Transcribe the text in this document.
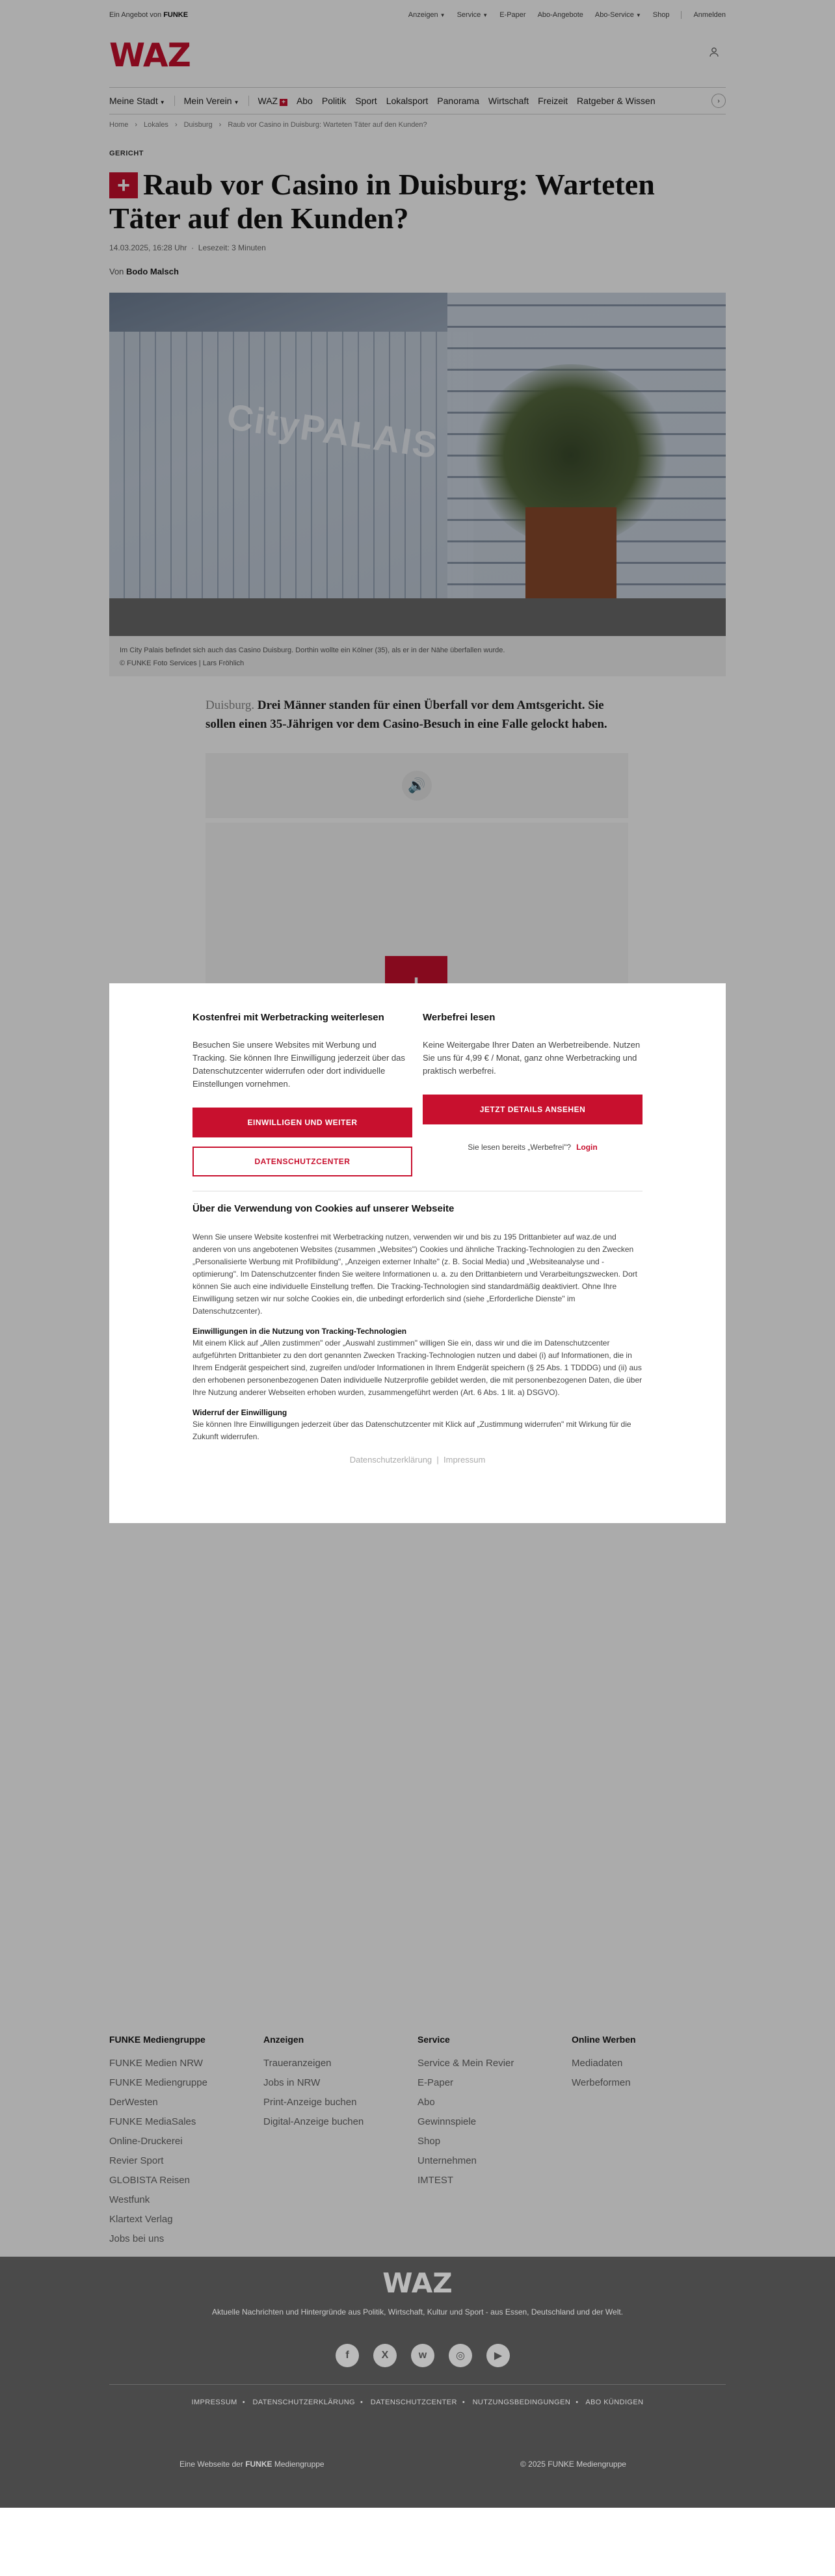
Ein Angebot von FUNKE	Anzeigen ▼ Service ▼ E-Paper Abo-Angebote Abo-Service ▼ Shop	Anmelden
WAZ
Meine Stadt ▼ Mein Verein ▼ WAZ + Abo Politik Sport Lokalsport Panorama Wirtschaft Freizeit Ratgeber & Wissen	›
Home › Lokales › Duisburg › Raub vor Casino in Duisburg: Warteten Täter auf den Kunden?
GERICHT
+ Raub vor Casino in Duisburg: Warteten Täter auf den Kunden?
14.03.2025, 16:28 Uhr  ·  Lesezeit: 3 Minuten
Von Bodo Malsch
CityPALAIS
Im City Palais befindet sich auch das Casino Duisburg. Dorthin wollte ein Kölner (35), als er in der Nähe überfallen wurde.
© FUNKE Foto Services | Lars Fröhlich
Duisburg. Drei Männer standen für einen Überfall vor dem Amtsgericht. Sie sollen einen 35-Jährigen vor dem Casino-Besuch in eine Falle gelockt haben.
🔊
Kostenfrei mit Werbetracking weiterlesen

Besuchen Sie unsere Websites mit Werbung und Tracking. Sie können Ihre Einwilligung jederzeit über das Datenschutzcenter widerrufen oder dort individuelle Einstellungen vornehmen.

EINWILLIGEN UND WEITER
DATENSCHUTZCENTER
Werbefrei lesen

Keine Weitergabe Ihrer Daten an Werbetreibende. Nutzen Sie uns für 4,99 € / Monat, ganz ohne Werbetracking und praktisch werbefrei.

JETZT DETAILS ANSEHEN
Sie lesen bereits „Werbefrei"? Login
Über die Verwendung von Cookies auf unserer Webseite

Wenn Sie unsere Website kostenfrei mit Werbetracking nutzen, verwenden wir und bis zu 195 Drittanbieter auf waz.de und anderen von uns angebotenen Websites (zusammen „Websites") Cookies und ähnliche Tracking-Technologien zu den Zwecken „Personalisierte Werbung mit Profilbildung", „Anzeigen externer Inhalte" (z. B. Social Media) und „Websiteanalyse und -optimierung". Im Datenschutzcenter finden Sie weitere Informationen u. a. zu den Drittanbietern und Verarbeitungszwecken. Dort können Sie auch eine individuelle Einstellung treffen. Die Tracking-Technologien sind standardmäßig deaktiviert. Ohne Ihre Einwilligung setzen wir nur solche Cookies ein, die unbedingt erforderlich sind (siehe „Erforderliche Dienste" im Datenschutzcenter).

Einwilligungen in die Nutzung von Tracking-Technologien

Mit einem Klick auf „Allen zustimmen" oder „Auswahl zustimmen" willigen Sie ein, dass wir und die im Datenschutzcenter aufgeführten Drittanbieter zu den dort genannten Zwecken Tracking-Technologien nutzen und dabei (i) auf Informationen, die in Ihrem Endgerät gespeichert sind, zugreifen und/oder Informationen in Ihrem Endgerät speichern (§ 25 Abs. 1 TDDDG) und (ii) aus den erhobenen personenbezogenen Daten individuelle Nutzerprofile gebildet werden, die mit personenbezogenen Daten, die über Ihre Nutzung anderer Webseiten erhoben wurden, zusammengeführt werden (Art. 6 Abs. 1 lit. a) DSGVO).

Widerruf der Einwilligung

Sie können Ihre Einwilligungen jederzeit über das Datenschutzcenter mit Klick auf „Zustimmung widerrufen" mit Wirkung für die Zukunft widerrufen.

Datenschutzerklärung  |  Impressum
FUNKE Mediengruppe
FUNKE Medien NRW
FUNKE Mediengruppe
DerWesten
FUNKE MediaSales
Online-Druckerei
Revier Sport
GLOBISTA Reisen
Westfunk
Klartext Verlag
Jobs bei uns
Anzeigen
Traueranzeigen
Jobs in NRW
Print-Anzeige buchen
Digital-Anzeige buchen
Service
Service & Mein Revier
E-Paper
Abo
Gewinnspiele
Shop
Unternehmen
IMTEST
Online Werben
Mediadaten
Werbeformen
WAZ
Aktuelle Nachrichten und Hintergründe aus Politik, Wirtschaft, Kultur und Sport - aus Essen, Deutschland und der Welt.
f	X	w	◎	▶
IMPRESSUM • DATENSCHUTZERKLÄRUNG • DATENSCHUTZCENTER • NUTZUNGSBEDINGUNGEN • ABO KÜNDIGEN
Eine Webseite der FUNKE Mediengruppe	© 2025 FUNKE Mediengruppe
